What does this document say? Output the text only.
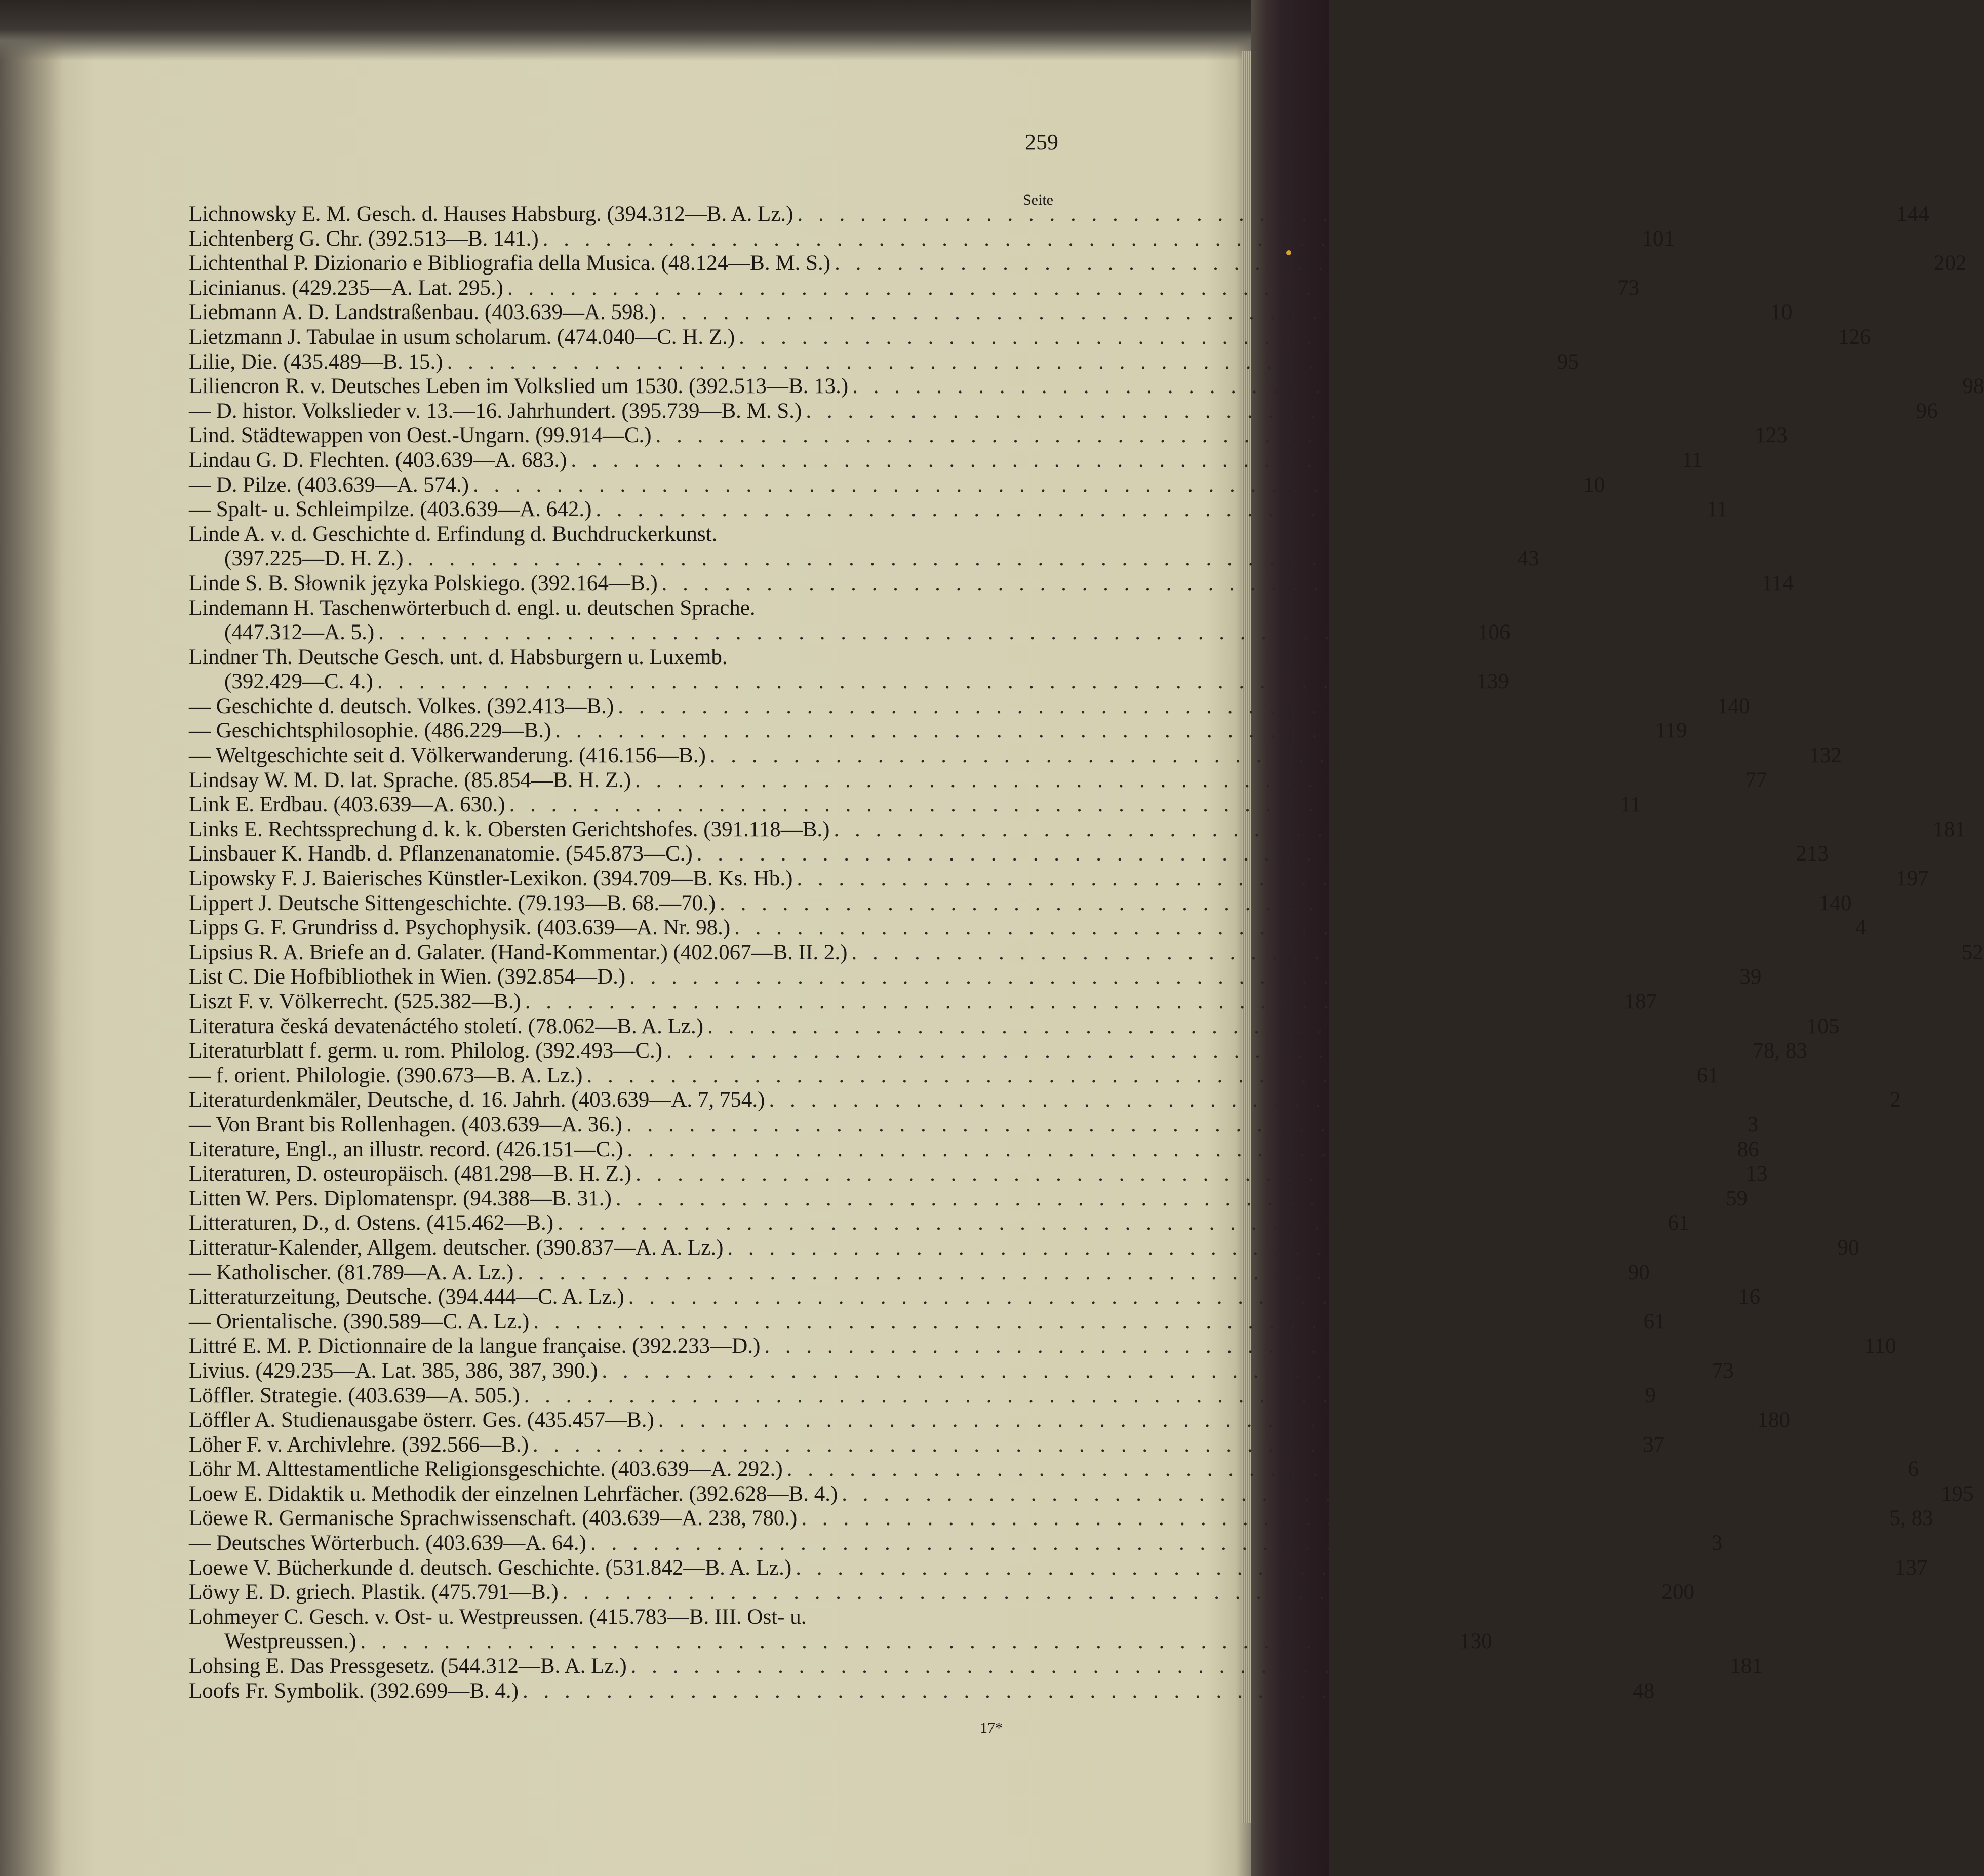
259
Seite
Lichnowsky E. M. Gesch. d. Hauses Habsburg. (394.312—B. A. Lz.) . . .	144
Lichtenberg G. Chr. (392.513—B. 141.) . . .	101
Lichtenthal P. Dizionario e Bibliografia della Musica. (48.124—B. M. S.) . . .	202
Licinianus. (429.235—A. Lat. 295.) . . .	73
Liebmann A. D. Landstraßenbau. (403.639—A. 598.) . . .	10
Lietzmann J. Tabulae in usum scholarum. (474.040—C. H. Z.) . . .	126
Lilie, Die. (435.489—B. 15.) . . .	95
Liliencron R. v. Deutsches Leben im Volkslied um 1530. (392.513—B. 13.) . . .	98
— D. histor. Volkslieder v. 13.—16. Jahrhundert. (395.739—B. M. S.) . . .	96
Lind. Städtewappen von Oest.-Ungarn. (99.914—C.) . . .	123
Lindau G. D. Flechten. (403.639—A. 683.) . . .	11
— D. Pilze. (403.639—A. 574.) . . .	10
— Spalt- u. Schleimpilze. (403.639—A. 642.) . . .	11
Linde A. v. d. Geschichte d. Erfindung d. Buchdruckerkunst.
(397.225—D. H. Z.) . . .	43
Linde S. B. Słownik języka Polskiego. (392.164—B.) . . .	114
Lindemann H. Taschenwörterbuch d. engl. u. deutschen Sprache.
(447.312—A. 5.) . . .	106
Lindner Th. Deutsche Gesch. unt. d. Habsburgern u. Luxemb.
(392.429—C. 4.) . . .	139
— Geschichte d. deutsch. Volkes. (392.413—B.) . . .	140
— Geschichtsphilosophie. (486.229—B.) . . .	119
— Weltgeschichte seit d. Völkerwanderung. (416.156—B.) . . .	132
Lindsay W. M. D. lat. Sprache. (85.854—B. H. Z.) . . .	77
Link E. Erdbau. (403.639—A. 630.) . . .	11
Links E. Rechtssprechung d. k. k. Obersten Gerichtshofes. (391.118—B.) . . .	181
Linsbauer K. Handb. d. Pflanzenanatomie. (545.873—C.) . . .	213
Lipowsky F. J. Baierisches Künstler-Lexikon. (394.709—B. Ks. Hb.) . . .	197
Lippert J. Deutsche Sittengeschichte. (79.193—B. 68.—70.) . . .	140
Lipps G. F. Grundriss d. Psychophysik. (403.639—A. Nr. 98.) . . .	4
Lipsius R. A. Briefe an d. Galater. (Hand-Kommentar.) (402.067—B. II. 2.) . . .	52
List C. Die Hofbibliothek in Wien. (392.854—D.) . . .	39
Liszt F. v. Völkerrecht. (525.382—B.) . . .	187
Literatura česká devatenáctého století. (78.062—B. A. Lz.) . . .	105
Literaturblatt f. germ. u. rom. Philolog. (392.493—C.) . . .	78, 83
— f. orient. Philologie. (390.673—B. A. Lz.) . . .	61
Literaturdenkmäler, Deutsche, d. 16. Jahrh. (403.639—A. 7, 754.) . . .	2
— Von Brant bis Rollenhagen. (403.639—A. 36.) . . .	3
Literature, Engl., an illustr. record. (426.151—C.) . . .	86
Literaturen, D. osteuropäisch. (481.298—B. H. Z.) . . .	13
Litten W. Pers. Diplomatenspr. (94.388—B. 31.) . . .	59
Litteraturen, D., d. Ostens. (415.462—B.) . . .	61
Litteratur-Kalender, Allgem. deutscher. (390.837—A. A. Lz.) . . .	90
— Katholischer. (81.789—A. A. Lz.) . . .	90
Litteraturzeitung, Deutsche. (394.444—C. A. Lz.) . . .	16
— Orientalische. (390.589—C. A. Lz.) . . .	61
Littré E. M. P. Dictionnaire de la langue française. (392.233—D.) . . .	110
Livius. (429.235—A. Lat. 385, 386, 387, 390.) . . .	73
Löffler. Strategie. (403.639—A. 505.) . . .	9
Löffler A. Studienausgabe österr. Ges. (435.457—B.) . . .	180
Löher F. v. Archivlehre. (392.566—B.) . . .	37
Löhr M. Alttestamentliche Religionsgeschichte. (403.639—A. 292.) . . .	6
Loew E. Didaktik u. Methodik der einzelnen Lehrfächer. (392.628—B. 4.) . . .	195
Löewe R. Germanische Sprachwissenschaft. (403.639—A. 238, 780.) . . .	5, 83
— Deutsches Wörterbuch. (403.639—A. 64.) . . .	3
Loewe V. Bücherkunde d. deutsch. Geschichte. (531.842—B. A. Lz.) . . .	137
Löwy E. D. griech. Plastik. (475.791—B.) . . .	200
Lohmeyer C. Gesch. v. Ost- u. Westpreussen. (415.783—B. III. Ost- u.
Westpreussen.) . . .	130
Lohsing E. Das Pressgesetz. (544.312—B. A. Lz.) . . .	181
Loofs Fr. Symbolik. (392.699—B. 4.) . . .	48
17*
